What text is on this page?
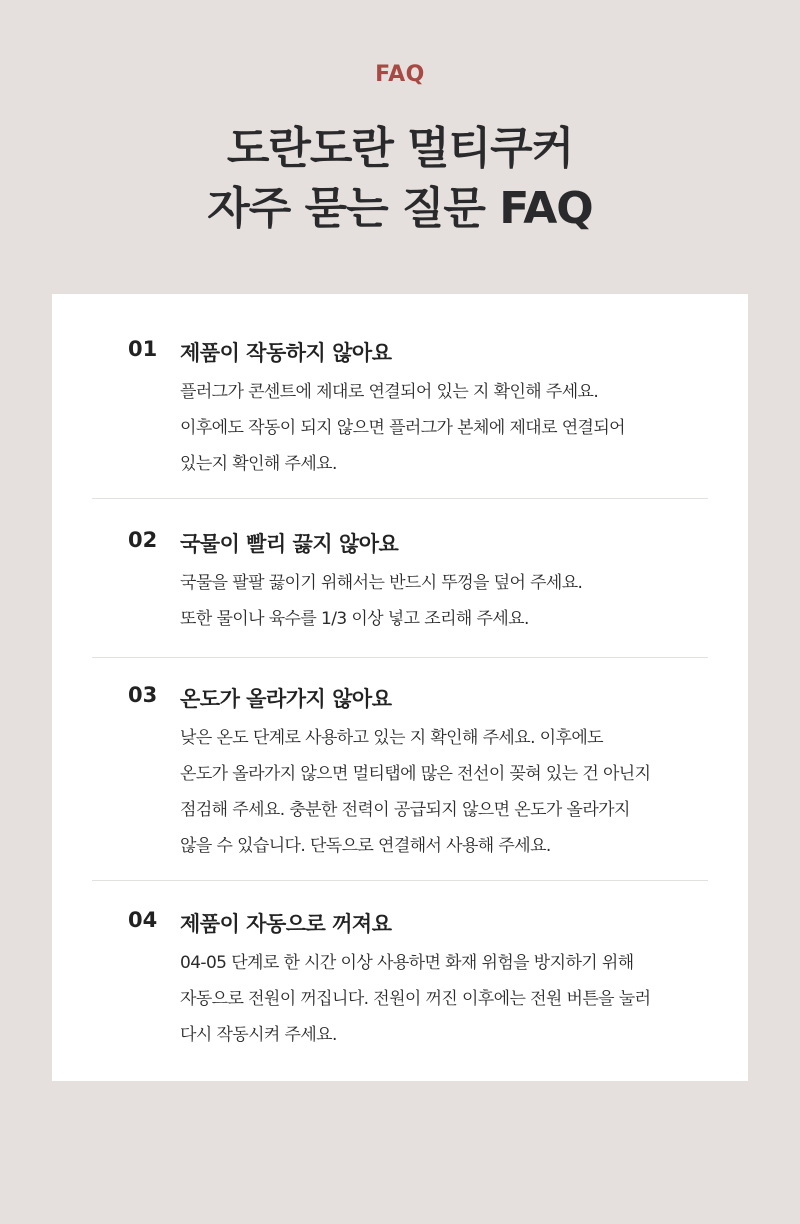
FAQ
도란도란 멀티쿠커
자주 묻는 질문 FAQ
01 제품이 작동하지 않아요
플러그가 콘센트에 제대로 연결되어 있는 지 확인해 주세요.
이후에도 작동이 되지 않으면 플러그가 본체에 제대로 연결되어
있는지 확인해 주세요.
02 국물이 빨리 끓지 않아요
국물을 팔팔 끓이기 위해서는 반드시 뚜껑을 덮어 주세요.
또한 물이나 육수를 1/3 이상 넣고 조리해 주세요.
03 온도가 올라가지 않아요
낮은 온도 단계로 사용하고 있는 지 확인해 주세요. 이후에도
온도가 올라가지 않으면 멀티탭에 많은 전선이 꽂혀 있는 건 아닌지
점검해 주세요. 충분한 전력이 공급되지 않으면 온도가 올라가지
않을 수 있습니다. 단독으로 연결해서 사용해 주세요.
04 제품이 자동으로 꺼져요
04-05 단계로 한 시간 이상 사용하면 화재 위험을 방지하기 위해
자동으로 전원이 꺼집니다. 전원이 꺼진 이후에는 전원 버튼을 눌러
다시 작동시켜 주세요.
